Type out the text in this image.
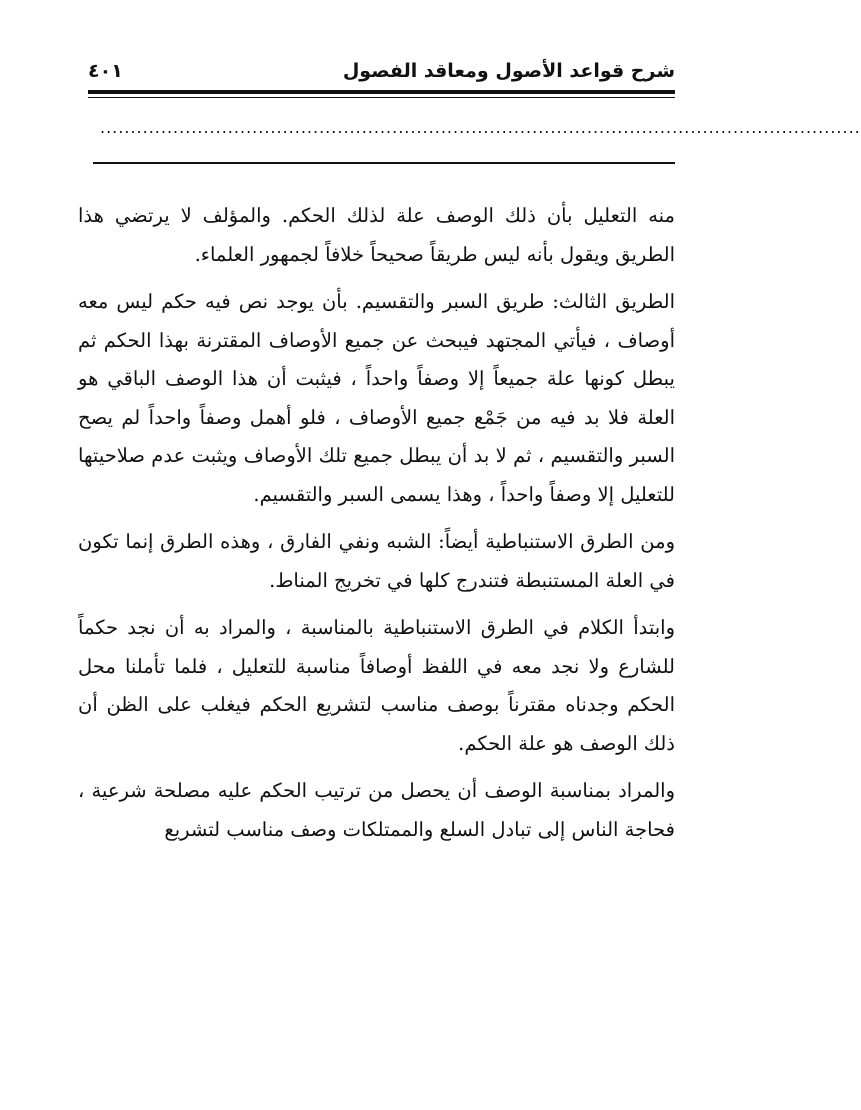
شرح قواعد الأصول ومعاقد الفصول
٤٠١
.............................................................................................................................

منه التعليل بأن ذلك الوصف علة لذلك الحكم. والمؤلف لا يرتضي هذا الطريق ويقول بأنه ليس طريقاً صحيحاً خلافاً لجمهور العلماء.

الطريق الثالث: طريق السبر والتقسيم. بأن يوجد نص فيه حكم ليس معه أوصاف ، فيأتي المجتهد فيبحث عن جميع الأوصاف المقترنة بهذا الحكم ثم يبطل كونها علة جميعاً إلا وصفاً واحداً ، فيثبت أن هذا الوصف الباقي هو العلة فلا بد فيه من جَمْع جميع الأوصاف ، فلو أهمل وصفاً واحداً لم يصح السبر والتقسيم ، ثم لا بد أن يبطل جميع تلك الأوصاف ويثبت عدم صلاحيتها للتعليل إلا وصفاً واحداً ، وهذا يسمى السبر والتقسيم.

ومن الطرق الاستنباطية أيضاً: الشبه ونفي الفارق ، وهذه الطرق إنما تكون في العلة المستنبطة فتندرج كلها في تخريج المناط.

وابتدأ الكلام في الطرق الاستنباطية بالمناسبة ، والمراد به أن نجد حكماً للشارع ولا نجد معه في اللفظ أوصافاً مناسبة للتعليل ، فلما تأملنا محل الحكم وجدناه مقترناً بوصف مناسب لتشريع الحكم فيغلب على الظن أن ذلك الوصف هو علة الحكم.

والمراد بمناسبة الوصف أن يحصل من ترتيب الحكم عليه مصلحة شرعية ، فحاجة الناس إلى تبادل السلع والممتلكات وصف مناسب لتشريع
